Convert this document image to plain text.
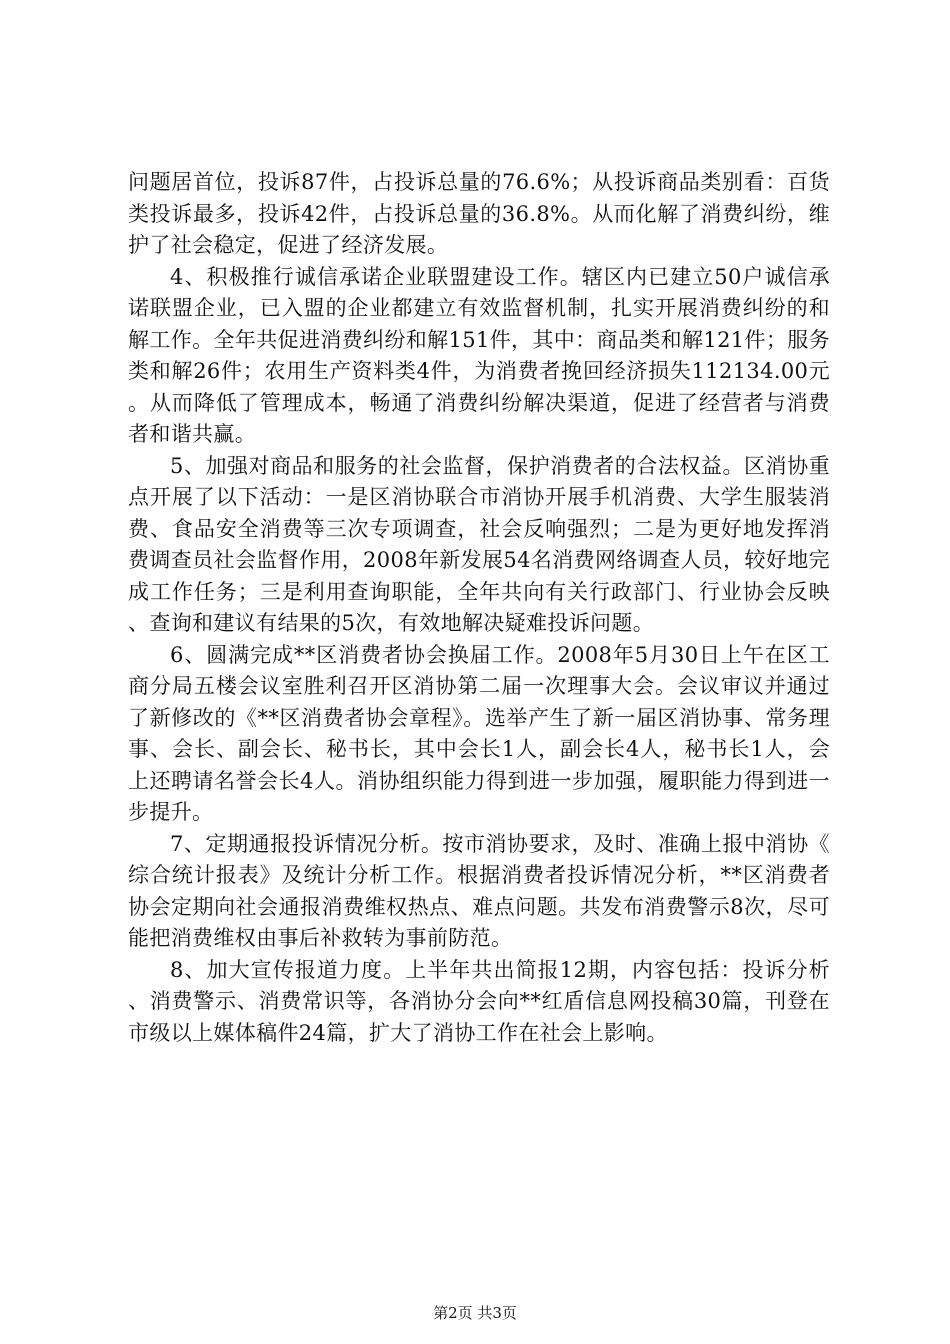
问题居首位，投诉87件，占投诉总量的76.6%；从投诉商品类别看：百货类投诉最多，投诉42件，占投诉总量的36.8%。从而化解了消费纠纷，维护了社会稳定，促进了经济发展。

4、积极推行诚信承诺企业联盟建设工作。辖区内已建立50户诚信承诺联盟企业，已入盟的企业都建立有效监督机制，扎实开展消费纠纷的和解工作。全年共促进消费纠纷和解151件，其中：商品类和解121件；服务类和解26件；农用生产资料类4件，为消费者挽回经济损失112134.00元。从而降低了管理成本，畅通了消费纠纷解决渠道，促进了经营者与消费者和谐共赢。

5、加强对商品和服务的社会监督，保护消费者的合法权益。区消协重点开展了以下活动：一是区消协联合市消协开展手机消费、大学生服装消费、食品安全消费等三次专项调查，社会反响强烈；二是为更好地发挥消费调查员社会监督作用，2008年新发展54名消费网络调查人员，较好地完成工作任务；三是利用查询职能，全年共向有关行政部门、行业协会反映、查询和建议有结果的5次，有效地解决疑难投诉问题。

6、圆满完成**区消费者协会换届工作。2008年5月30日上午在区工商分局五楼会议室胜利召开区消协第二届一次理事大会。会议审议并通过了新修改的《**区消费者协会章程》。选举产生了新一届区消协事、常务理事、会长、副会长、秘书长，其中会长1人，副会长4人，秘书长1人，会上还聘请名誉会长4人。消协组织能力得到进一步加强，履职能力得到进一步提升。

7、定期通报投诉情况分析。按市消协要求，及时、准确上报中消协《综合统计报表》及统计分析工作。根据消费者投诉情况分析，**区消费者协会定期向社会通报消费维权热点、难点问题。共发布消费警示8次，尽可能把消费维权由事后补救转为事前防范。

8、加大宣传报道力度。上半年共出简报12期，内容包括：投诉分析、消费警示、消费常识等，各消协分会向**红盾信息网投稿30篇，刊登在市级以上媒体稿件24篇，扩大了消协工作在社会上影响。

第2页 共3页
